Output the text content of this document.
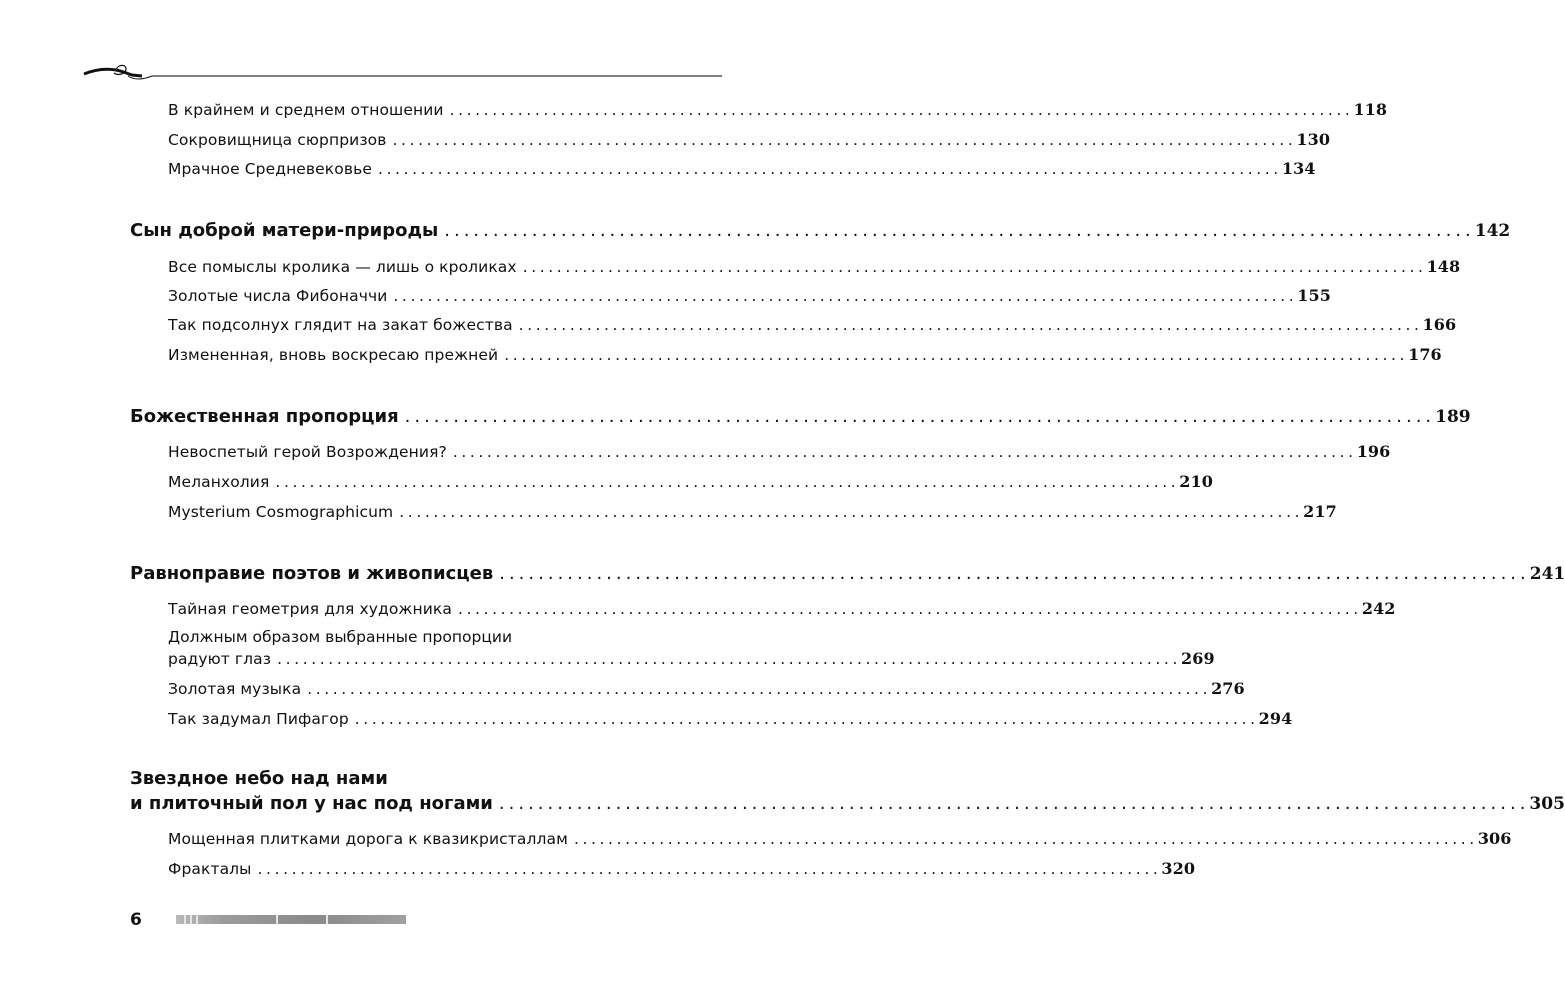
В крайнем и среднем отношении .......................................................................................................... 118
Сокровищница сюрпризов .......................................................................................................... 130
Мрачное Средневековье .......................................................................................................... 134
Сын доброй матери-природы .......................................................................................................... 142
Все помыслы кролика — лишь о кроликах .......................................................................................................... 148
Золотые числа Фибоначчи .......................................................................................................... 155
Так подсолнух глядит на закат божества .......................................................................................................... 166
Измененная, вновь воскресаю прежней .......................................................................................................... 176
Божественная пропорция .......................................................................................................... 189
Невоспетый герой Возрождения? .......................................................................................................... 196
Меланхолия .......................................................................................................... 210
Mysterium Cosmographicum .......................................................................................................... 217
Равноправие поэтов и живописцев .......................................................................................................... 241
Тайная геометрия для художника .......................................................................................................... 242
Должным образом выбранные пропорции
радуют глаз .......................................................................................................... 269
Золотая музыка .......................................................................................................... 276
Так задумал Пифагор .......................................................................................................... 294
Звездное небо над нами
и плиточный пол у нас под ногами .......................................................................................................... 305
Мощенная плитками дорога к квазикристаллам .......................................................................................................... 306
Фракталы .......................................................................................................... 320
6
